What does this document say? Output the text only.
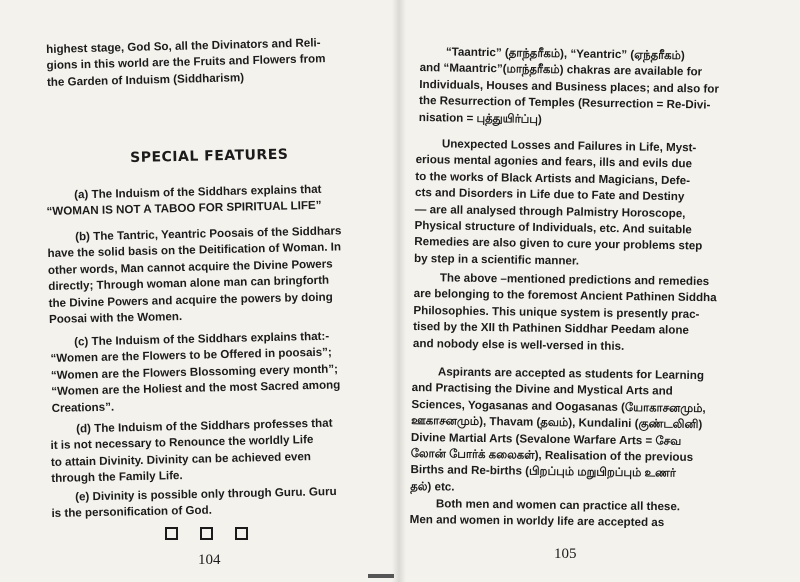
highest stage, God So, all the Divinators and Reli-
gions in this world are the Fruits and Flowers from
the Garden of Induism (Siddharism)

SPECIAL FEATURES

(a) The Induism of the Siddhars explains that
“WOMAN IS NOT A TABOO FOR SPIRITUAL LIFE”

(b) The Tantric, Yeantric Poosais of the Siddhars
have the solid basis on the Deitification of Woman. In
other words, Man cannot acquire the Divine Powers
directly; Through woman alone man can bringforth
the Divine Powers and acquire the powers by doing
Poosai with the Women.

(c) The Induism of the Siddhars explains that:-
“Women are the Flowers to be Offered in poosais”;
“Women are the Flowers Blossoming every month”;
“Women are the Holiest and the most Sacred among
Creations”.

(d) The Induism of the Siddhars professes that
it is not necessary to Renounce the worldly Life
to attain Divinity. Divinity can be achieved even
through the Family Life.

(e) Divinity is possible only through Guru. Guru
is the personification of God.

104

“Taantric” (தாந்தரீகம்), “Yeantric” (ஏந்தரீகம்)
and “Maantric”(மாந்தரீகம்) chakras are available for
Individuals, Houses and Business places; and also for
the Resurrection of Temples (Resurrection = Re-Divi-
nisation = புத்துயிர்ப்பு)

Unexpected Losses and Failures in Life, Myst-
erious mental agonies and fears, ills and evils due
to the works of Black Artists and Magicians, Defe-
cts and Disorders in Life due to Fate and Destiny
— are all analysed through Palmistry Horoscope,
Physical structure of Individuals, etc. And suitable
Remedies are also given to cure your problems step
by step in a scientific manner.

The above –mentioned predictions and remedies
are belonging to the foremost Ancient Pathinen Siddha
Philosophies. This unique system is presently prac-
tised by the XII th Pathinen Siddhar Peedam alone
and nobody else is well-versed in this.

Aspirants are accepted as students for Learning
and Practising the Divine and Mystical Arts and
Sciences, Yogasanas and Oogasanas (யோகாசனமும்,
ஊகாசனமும்), Thavam (தவம்), Kundalini (குண்டலினி)
Divine Martial Arts (Sevalone Warfare Arts = சேவ
லோன் போர்க் கலைகள்), Realisation of the previous
Births and Re-births (பிறப்பும் மறுபிறப்பும் உணர்
தல்) etc.

Both men and women can practice all these.
Men and women in worldy life are accepted as

105
